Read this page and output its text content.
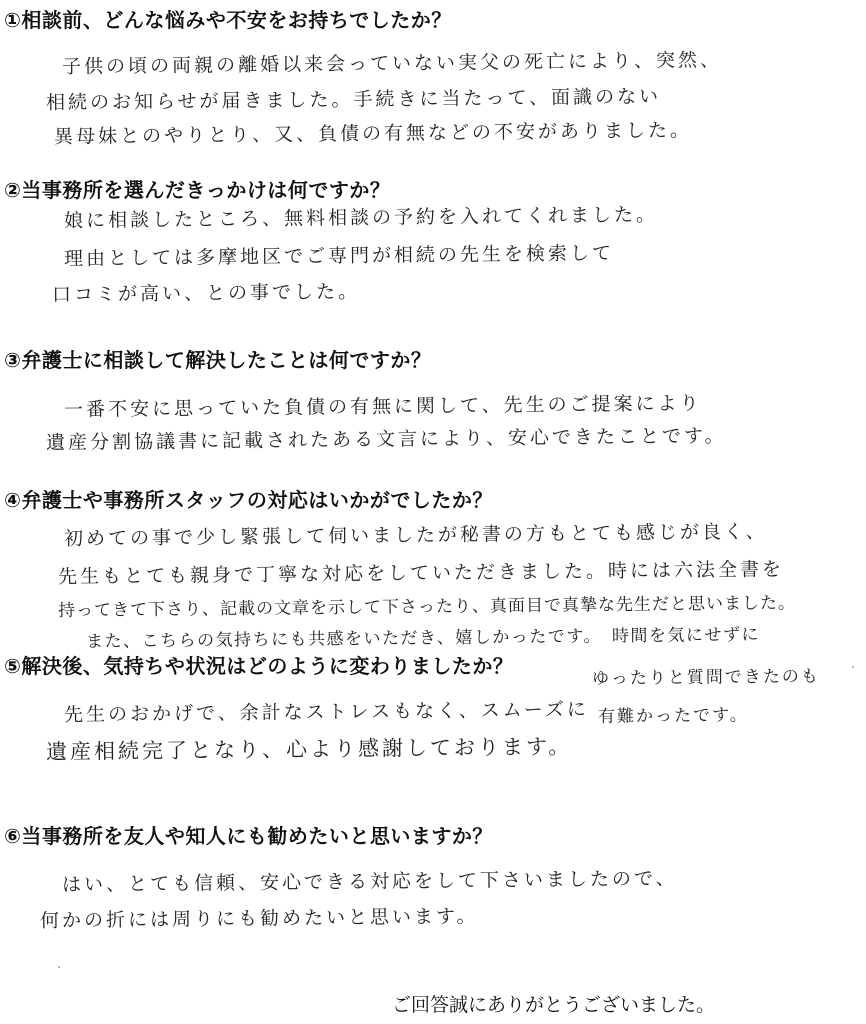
①相談前、どんな悩みや不安をお持ちでしたか？
子供の頃の両親の離婚以来会っていない実父の死亡により、突然、
相続のお知らせが届きました。手続きに当たって、面識のない
異母妹とのやりとり、又、負債の有無などの不安がありました。
②当事務所を選んだきっかけは何ですか？
娘に相談したところ、無料相談の予約を入れてくれました。
理由としては多摩地区でご専門が相続の先生を検索して
口コミが高い、との事でした。
③弁護士に相談して解決したことは何ですか？
一番不安に思っていた負債の有無に関して、先生のご提案により
遺産分割協議書に記載されたある文言により、安心できたことです。
④弁護士や事務所スタッフの対応はいかがでしたか？
初めての事で少し緊張して伺いましたが秘書の方もとても感じが良く、
先生もとても親身で丁寧な対応をしていただきました。時には六法全書を
持ってきて下さり、記載の文章を示して下さったり、真面目で真摯な先生だと思いました。
また、こちらの気持ちにも共感をいただき、嬉しかったです。　時間を気にせずに
⑤解決後、気持ちや状況はどのように変わりましたか？	ゆったりと質問できたのも
有難かったです。
先生のおかげで、余計なストレスもなく、スムーズに
遺産相続完了となり、心より感謝しております。
⑥当事務所を友人や知人にも勧めたいと思いますか？
はい、とても信頼、安心できる対応をして下さいましたので、
何かの折には周りにも勧めたいと思います。
ご回答誠にありがとうございました。
